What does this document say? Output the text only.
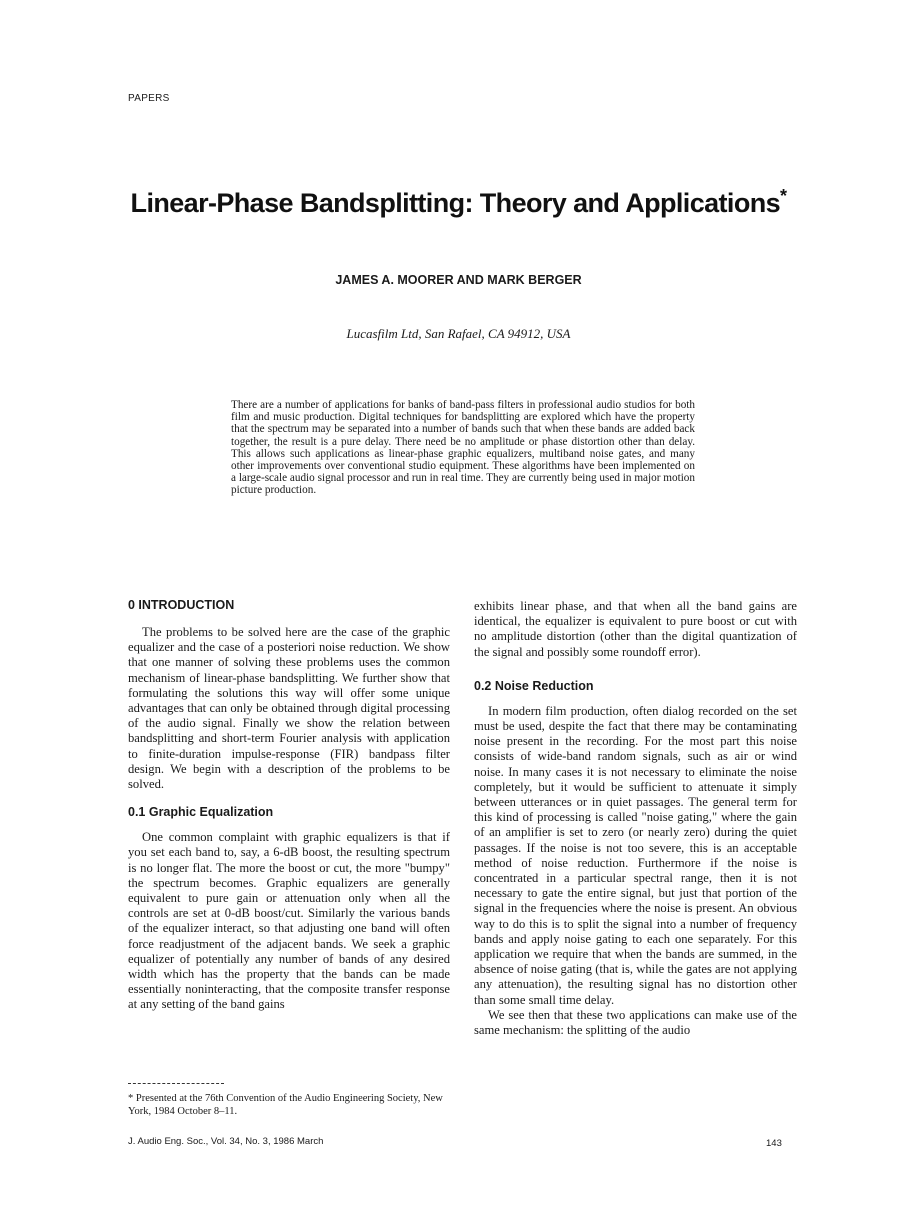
PAPERS
Linear-Phase Bandsplitting: Theory and Applications*
JAMES A. MOORER AND MARK BERGER
Lucasfilm Ltd, San Rafael, CA 94912, USA
There are a number of applications for banks of band-pass filters in professional audio studios for both film and music production. Digital techniques for bandsplitting are explored which have the property that the spectrum may be separated into a number of bands such that when these bands are added back together, the result is a pure delay. There need be no amplitude or phase distortion other than delay. This allows such applications as linear-phase graphic equalizers, multiband noise gates, and many other improvements over conventional studio equipment. These algorithms have been implemented on a large-scale audio signal processor and run in real time. They are currently being used in major motion picture production.
0 INTRODUCTION

The problems to be solved here are the case of the graphic equalizer and the case of a posteriori noise reduction. We show that one manner of solving these problems uses the common mechanism of linear-phase bandsplitting. We further show that formulating the solutions this way will offer some unique advantages that can only be obtained through digital processing of the audio signal. Finally we show the relation between bandsplitting and short-term Fourier analysis with application to finite-duration impulse-response (FIR) bandpass filter design. We begin with a description of the problems to be solved.

0.1 Graphic Equalization

One common complaint with graphic equalizers is that if you set each band to, say, a 6-dB boost, the resulting spectrum is no longer flat. The more the boost or cut, the more "bumpy" the spectrum becomes. Graphic equalizers are generally equivalent to pure gain or attenuation only when all the controls are set at 0-dB boost/cut. Similarly the various bands of the equalizer interact, so that adjusting one band will often force readjustment of the adjacent bands. We seek a graphic equalizer of potentially any number of bands of any desired width which has the property that the bands can be made essentially noninteracting, that the composite transfer response at any setting of the band gains

exhibits linear phase, and that when all the band gains are identical, the equalizer is equivalent to pure boost or cut with no amplitude distortion (other than the digital quantization of the signal and possibly some roundoff error).

0.2 Noise Reduction

In modern film production, often dialog recorded on the set must be used, despite the fact that there may be contaminating noise present in the recording. For the most part this noise consists of wide-band random signals, such as air or wind noise. In many cases it is not necessary to eliminate the noise completely, but it would be sufficient to attenuate it simply between utterances or in quiet passages. The general term for this kind of processing is called "noise gating," where the gain of an amplifier is set to zero (or nearly zero) during the quiet passages. If the noise is not too severe, this is an acceptable method of noise reduction. Furthermore if the noise is concentrated in a particular spectral range, then it is not necessary to gate the entire signal, but just that portion of the signal in the frequencies where the noise is present. An obvious way to do this is to split the signal into a number of frequency bands and apply noise gating to each one separately. For this application we require that when the bands are summed, in the absence of noise gating (that is, while the gates are not applying any attenuation), the resulting signal has no distortion other than some small time delay.

We see then that these two applications can make use of the same mechanism: the splitting of the audio

* Presented at the 76th Convention of the Audio Engineering Society, New York, 1984 October 8–11.
J. Audio Eng. Soc., Vol. 34, No. 3, 1986 March	143
